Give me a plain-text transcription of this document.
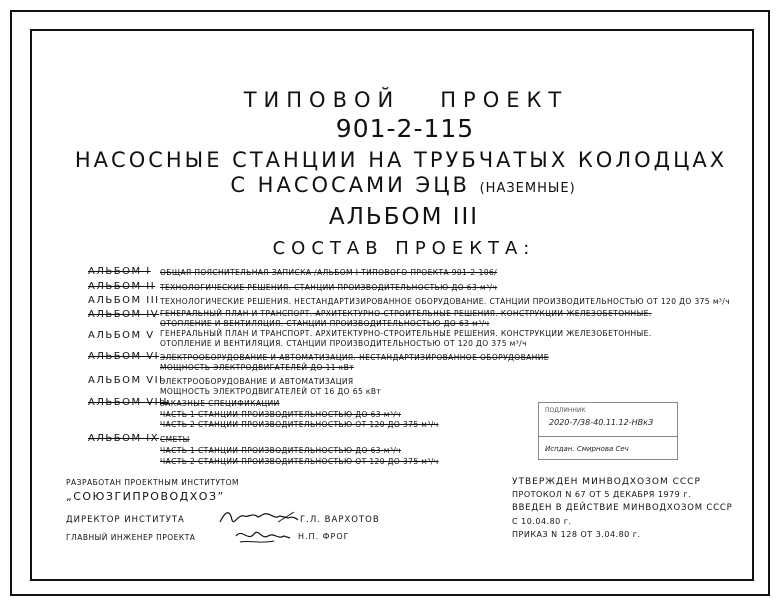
ТИПОВОЙ ПРОЕКТ
901-2-115
НАСОСНЫЕ СТАНЦИИ НА ТРУБЧАТЫХ КОЛОДЦАХ
С НАСОСАМИ ЭЦВ (НАЗЕМНЫЕ)
АЛЬБОМ III
СОСТАВ ПРОЕКТА:
АЛЬБОМ I ОБЩАЯ ПОЯСНИТЕЛЬНАЯ ЗАПИСКА /АЛЬБОМ I ТИПОВОГО ПРОЕКТА 901-2-106/
АЛЬБОМ II ТЕХНОЛОГИЧЕСКИЕ РЕШЕНИЯ. СТАНЦИИ ПРОИЗВОДИТЕЛЬНОСТЬЮ ДО 63 м³/ч
АЛЬБОМ III ТЕХНОЛОГИЧЕСКИЕ РЕШЕНИЯ. НЕСТАНДАРТИЗИРОВАННОЕ ОБОРУДОВАНИЕ. СТАНЦИИ ПРОИЗВОДИТЕЛЬНОСТЬЮ ОТ 120 ДО 375 м³/ч
АЛЬБОМ IV ГЕНЕРАЛЬНЫЙ ПЛАН И ТРАНСПОРТ. АРХИТЕКТУРНО-СТРОИТЕЛЬНЫЕ РЕШЕНИЯ. КОНСТРУКЦИИ ЖЕЛЕЗОБЕТОННЫЕ.
ОТОПЛЕНИЕ И ВЕНТИЛЯЦИЯ. СТАНЦИИ ПРОИЗВОДИТЕЛЬНОСТЬЮ ДО 63 м³/ч
АЛЬБОМ V ГЕНЕРАЛЬНЫЙ ПЛАН И ТРАНСПОРТ. АРХИТЕКТУРНО-СТРОИТЕЛЬНЫЕ РЕШЕНИЯ. КОНСТРУКЦИИ ЖЕЛЕЗОБЕТОННЫЕ.
ОТОПЛЕНИЕ И ВЕНТИЛЯЦИЯ. СТАНЦИИ ПРОИЗВОДИТЕЛЬНОСТЬЮ ОТ 120 ДО 375 м³/ч
АЛЬБОМ VI ЭЛЕКТРООБОРУДОВАНИЕ И АВТОМАТИЗАЦИЯ. НЕСТАНДАРТИЗИРОВАННОЕ ОБОРУДОВАНИЕ
МОЩНОСТЬ ЭЛЕКТРОДВИГАТЕЛЕЙ ДО 11 кВт
АЛЬБОМ VII
ЭЛЕКТРООБОРУДОВАНИЕ И АВТОМАТИЗАЦИЯ
МОЩНОСТЬ ЭЛЕКТРОДВИГАТЕЛЕЙ ОТ 16 ДО 65 кВт
АЛЬБОМ VIII
ЗАКАЗНЫЕ СПЕЦИФИКАЦИИ
ЧАСТЬ 1 СТАНЦИИ ПРОИЗВОДИТЕЛЬНОСТЬЮ ДО 63 м³/ч
ЧАСТЬ 2 СТАНЦИИ ПРОИЗВОДИТЕЛЬНОСТЬЮ ОТ 120 ДО 375 м³/ч
АЛЬБОМ IX СМЕТЫ
ЧАСТЬ 1 СТАНЦИИ ПРОИЗВОДИТЕЛЬНОСТЬЮ ДО 63 м³/ч
ЧАСТЬ 2 СТАНЦИИ ПРОИЗВОДИТЕЛЬНОСТЬЮ ОТ 120 ДО 375 м³/ч
ПОДЛИННИК
2020-7/38-40.11.12-НВкЗ
Испдан. Смирнова Сеч
РАЗРАБОТАН ПРОЕКТНЫМ ИНСТИТУТОМ
„СОЮЗГИПРОВОДХОЗ”
ДИРЕКТОР ИНСТИТУТА	Г.Л. ВАРХОТОВ
ГЛАВНЫЙ ИНЖЕНЕР ПРОЕКТА	Н.П. ФРОГ
УТВЕРЖДЕН МИНВОДХОЗОМ СССР
ПРОТОКОЛ N 67 ОТ 5 ДЕКАБРЯ 1979 г.
ВВЕДЕН В ДЕЙСТВИЕ МИНВОДХОЗОМ СССР
С 10.04.80 г.
ПРИКАЗ N 128 ОТ 3.04.80 г.
